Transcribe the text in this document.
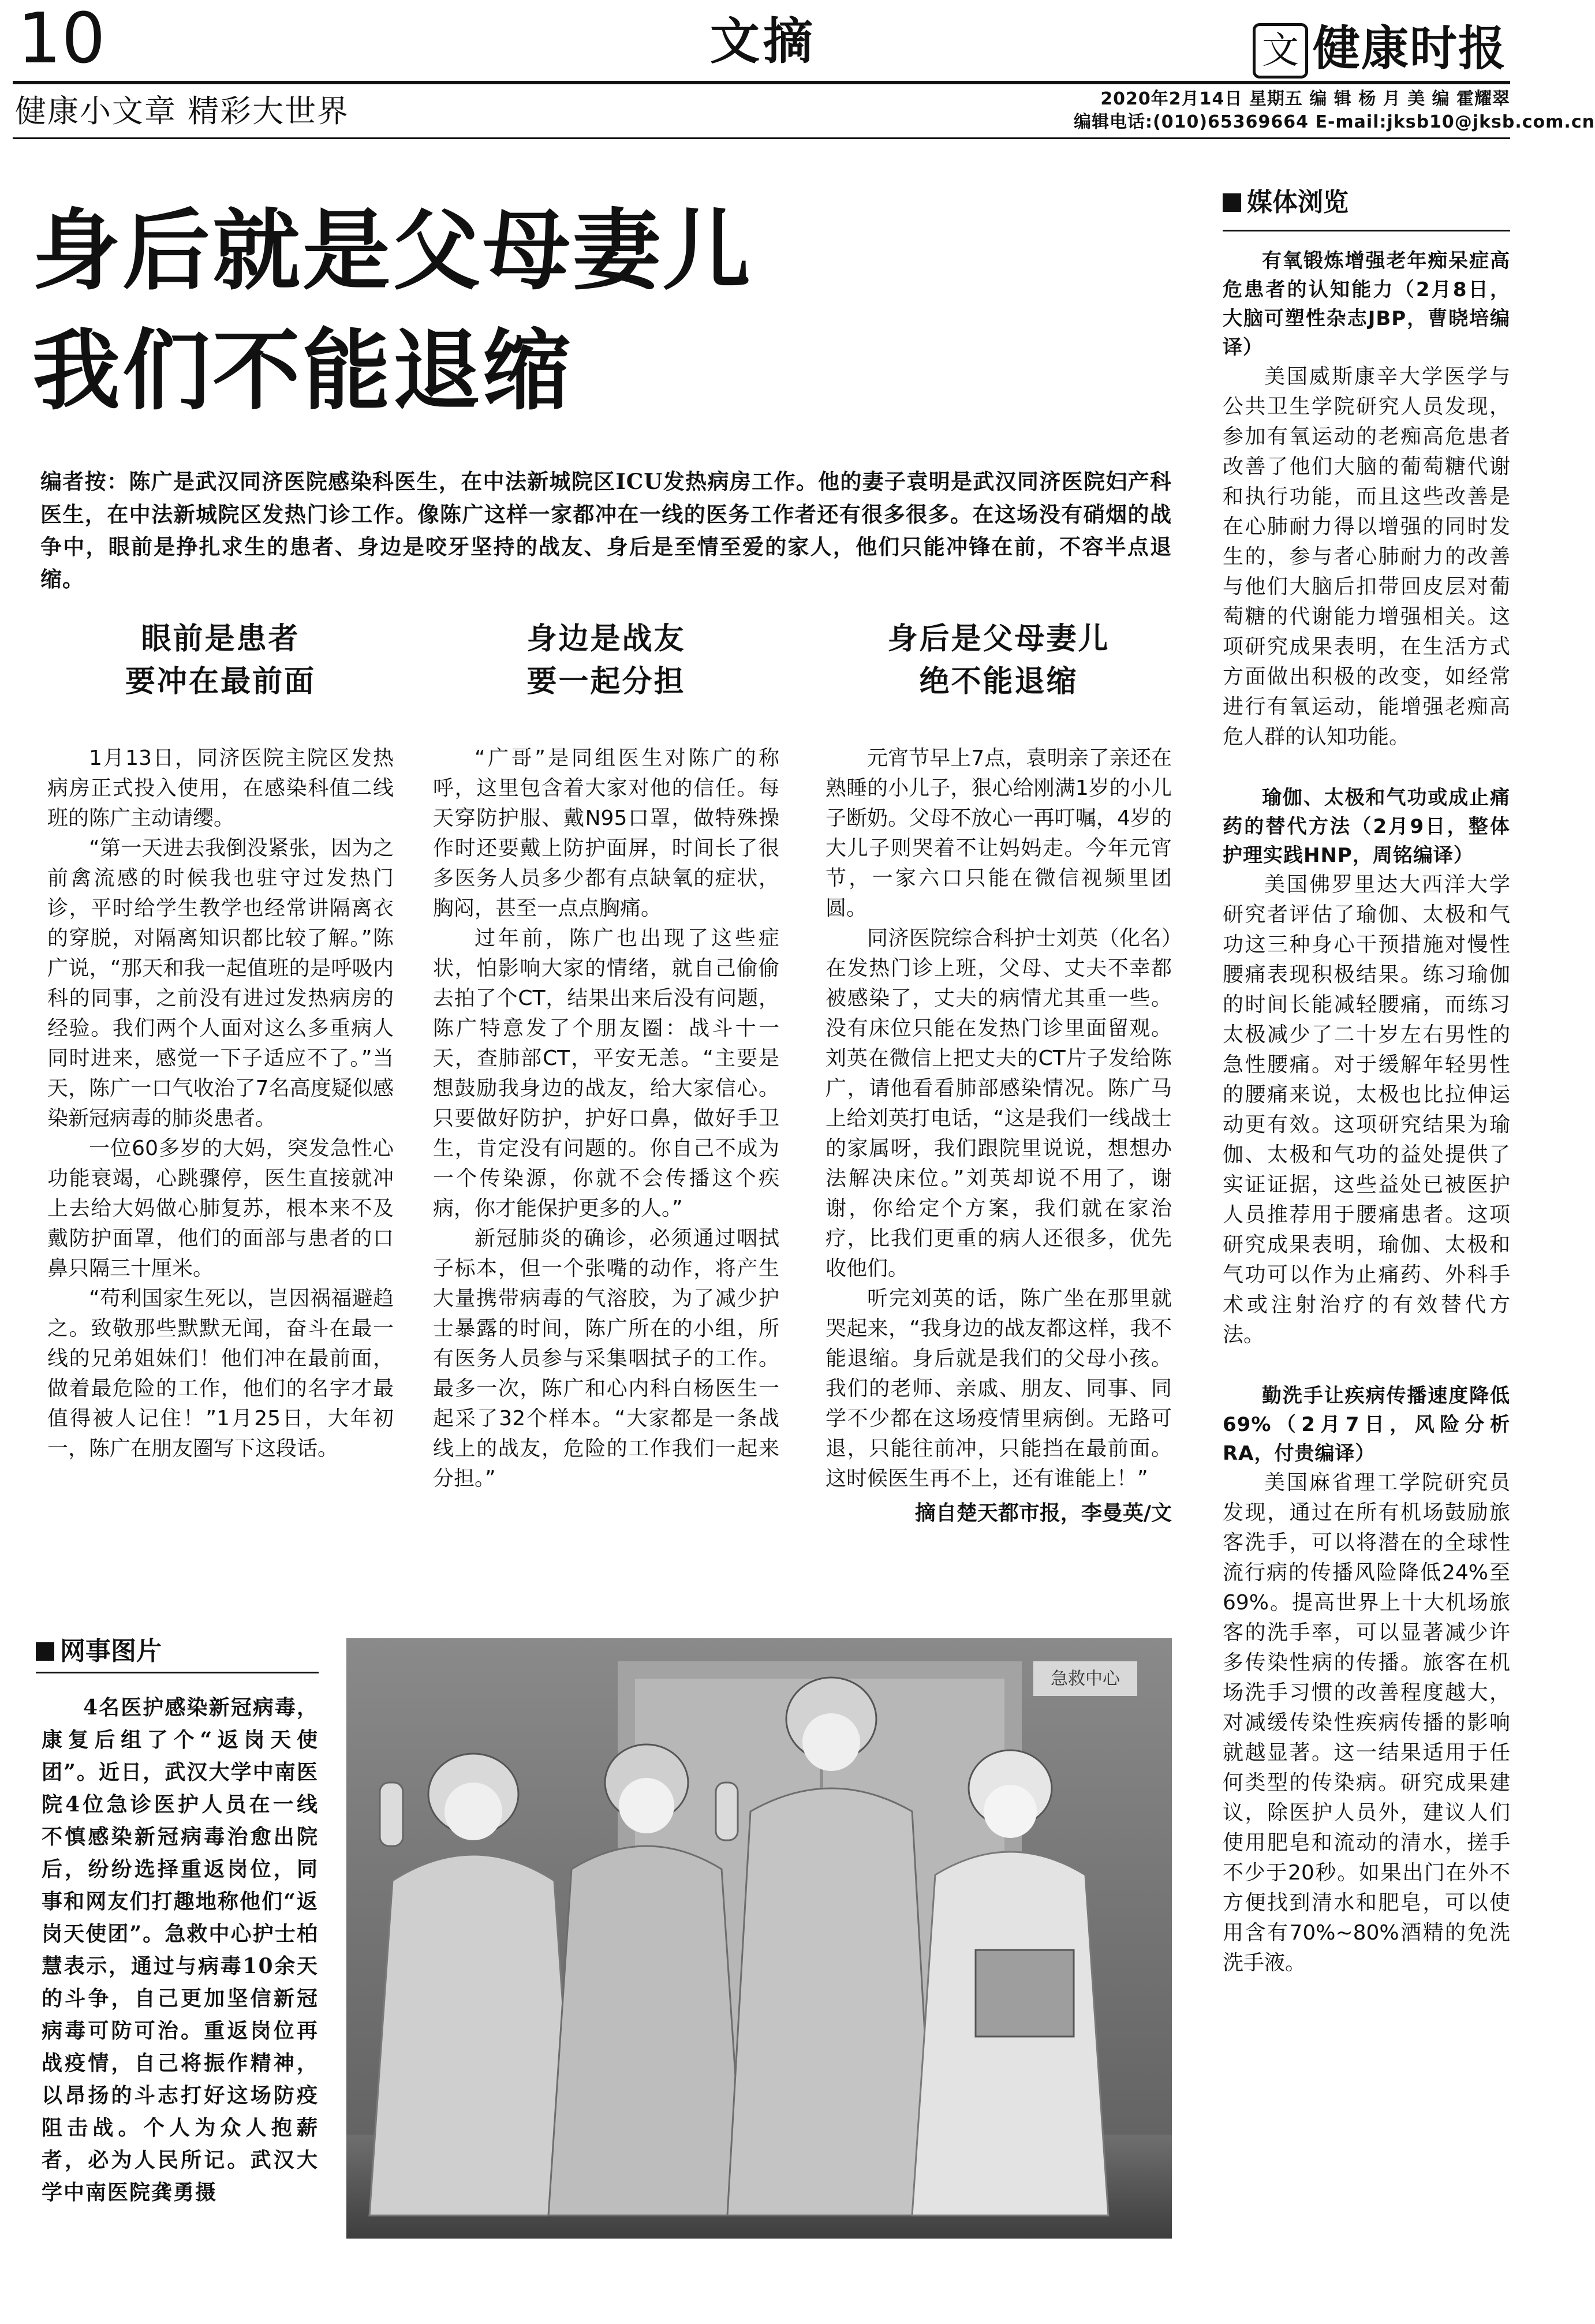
10	文摘	文 健康时报
健康小文章 精彩大世界	2020年2月14日 星期五 编 辑 杨 月 美 编 霍耀翠
编辑电话:(010)65369664 E-mail:jksb10@jksb.com.cn
身后就是父母妻儿
我们不能退缩
编者按：陈广是武汉同济医院感染科医生，在中法新城院区ICU发热病房工作。他的妻子袁明是武汉同济医院妇产科医生，在中法新城院区发热门诊工作。像陈广这样一家都冲在一线的医务工作者还有很多很多。在这场没有硝烟的战争中，眼前是挣扎求生的患者、身边是咬牙坚持的战友、身后是至情至爱的家人，他们只能冲锋在前，不容半点退缩。
眼前是患者
要冲在最前面

1月13日，同济医院主院区发热病房正式投入使用，在感染科值二线班的陈广主动请缨。

“第一天进去我倒没紧张，因为之前禽流感的时候我也驻守过发热门诊，平时给学生教学也经常讲隔离衣的穿脱，对隔离知识都比较了解。”陈广说，“那天和我一起值班的是呼吸内科的同事，之前没有进过发热病房的经验。我们两个人面对这么多重病人同时进来，感觉一下子适应不了。”当天，陈广一口气收治了7名高度疑似感染新冠病毒的肺炎患者。

一位60多岁的大妈，突发急性心功能衰竭，心跳骤停，医生直接就冲上去给大妈做心肺复苏，根本来不及戴防护面罩，他们的面部与患者的口鼻只隔三十厘米。

“苟利国家生死以，岂因祸福避趋之。致敬那些默默无闻，奋斗在最一线的兄弟姐妹们！他们冲在最前面，做着最危险的工作，他们的名字才最值得被人记住！”1月25日，大年初一，陈广在朋友圈写下这段话。

身边是战友
要一起分担

“广哥”是同组医生对陈广的称呼，这里包含着大家对他的信任。每天穿防护服、戴N95口罩，做特殊操作时还要戴上防护面屏，时间长了很多医务人员多少都有点缺氧的症状，胸闷，甚至一点点胸痛。

过年前，陈广也出现了这些症状，怕影响大家的情绪，就自己偷偷去拍了个CT，结果出来后没有问题，陈广特意发了个朋友圈：战斗十一天，查肺部CT，平安无恙。“主要是想鼓励我身边的战友，给大家信心。只要做好防护，护好口鼻，做好手卫生，肯定没有问题的。你自己不成为一个传染源，你就不会传播这个疾病，你才能保护更多的人。”

新冠肺炎的确诊，必须通过咽拭子标本，但一个张嘴的动作，将产生大量携带病毒的气溶胶，为了减少护士暴露的时间，陈广所在的小组，所有医务人员参与采集咽拭子的工作。最多一次，陈广和心内科白杨医生一起采了32个样本。“大家都是一条战线上的战友，危险的工作我们一起来分担。”

身后是父母妻儿
绝不能退缩

元宵节早上7点，袁明亲了亲还在熟睡的小儿子，狠心给刚满1岁的小儿子断奶。父母不放心一再叮嘱，4岁的大儿子则哭着不让妈妈走。今年元宵节，一家六口只能在微信视频里团圆。

同济医院综合科护士刘英（化名）在发热门诊上班，父母、丈夫不幸都被感染了，丈夫的病情尤其重一些。没有床位只能在发热门诊里面留观。刘英在微信上把丈夫的CT片子发给陈广，请他看看肺部感染情况。陈广马上给刘英打电话，“这是我们一线战士的家属呀，我们跟院里说说，想想办法解决床位。”刘英却说不用了，谢谢，你给定个方案，我们就在家治疗，比我们更重的病人还很多，优先收他们。

听完刘英的话，陈广坐在那里就哭起来，“我身边的战友都这样，我不能退缩。身后就是我们的父母小孩。我们的老师、亲戚、朋友、同事、同学不少都在这场疫情里病倒。无路可退，只能往前冲，只能挡在最前面。这时候医生再不上，还有谁能上！”

摘自楚天都市报，李曼英/文
媒体浏览
有氧锻炼增强老年痴呆症高危患者的认知能力（2月8日，大脑可塑性杂志JBP，曹晓培编译）
美国威斯康辛大学医学与公共卫生学院研究人员发现，参加有氧运动的老痴高危患者改善了他们大脑的葡萄糖代谢和执行功能，而且这些改善是在心肺耐力得以增强的同时发生的，参与者心肺耐力的改善与他们大脑后扣带回皮层对葡萄糖的代谢能力增强相关。这项研究成果表明，在生活方式方面做出积极的改变，如经常进行有氧运动，能增强老痴高危人群的认知功能。
瑜伽、太极和气功或成止痛药的替代方法（2月9日，整体护理实践HNP，周铭编译）
美国佛罗里达大西洋大学研究者评估了瑜伽、太极和气功这三种身心干预措施对慢性腰痛表现积极结果。练习瑜伽的时间长能减轻腰痛，而练习太极减少了二十岁左右男性的急性腰痛。对于缓解年轻男性的腰痛来说，太极也比拉伸运动更有效。这项研究结果为瑜伽、太极和气功的益处提供了实证证据，这些益处已被医护人员推荐用于腰痛患者。这项研究成果表明，瑜伽、太极和气功可以作为止痛药、外科手术或注射治疗的有效替代方法。
勤洗手让疾病传播速度降低69%（2月7日，风险分析RA，付贵编译）
美国麻省理工学院研究员发现，通过在所有机场鼓励旅客洗手，可以将潜在的全球性流行病的传播风险降低24%至69%。提高世界上十大机场旅客的洗手率，可以显著减少许多传染性病的传播。旅客在机场洗手习惯的改善程度越大，对减缓传染性疾病传播的影响就越显著。这一结果适用于任何类型的传染病。研究成果建议，除医护人员外，建议人们使用肥皂和流动的清水，搓手不少于20秒。如果出门在外不方便找到清水和肥皂，可以使用含有70%~80%酒精的免洗洗手液。
网事图片
4名医护感染新冠病毒，康复后组了个“返岗天使团”。近日，武汉大学中南医院4位急诊医护人员在一线不慎感染新冠病毒治愈出院后，纷纷选择重返岗位，同事和网友们打趣地称他们“返岗天使团”。急救中心护士柏慧表示，通过与病毒10余天的斗争，自己更加坚信新冠病毒可防可治。重返岗位再战疫情，自己将振作精神，以昂扬的斗志打好这场防疫阻击战。个人为众人抱薪者，必为人民所记。武汉大学中南医院龚勇摄
急救中心
